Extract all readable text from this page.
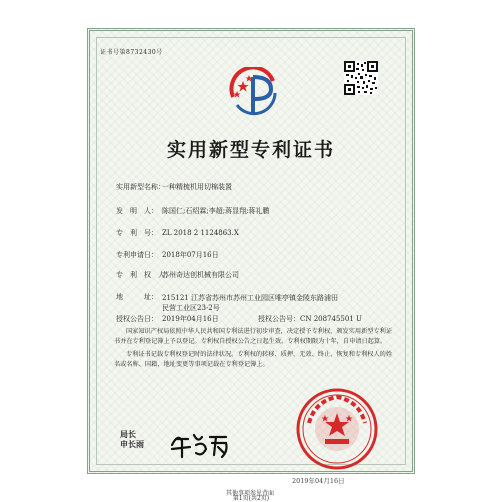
证书号第8732430号
实用新型专利证书
实用新型名称：一种精梳机用切棉装置
发　明　人： 陈国仁;石绍霖;李超;蒋显翔;蒋礼鹏
专　利　号： ZL 2018 2 1124863.X
专利申请日： 2018年07月16日
专　利　权　人：苏州奇达创机械有限公司
地　　　址： 215121 江苏省苏州市苏州工业园区唯亭镇金陵东路浦田
民营工业区23-2号
授权公告日： 2019年04月16日	授权公告号：CN 208745501 U

国家知识产权局依照中华人民共和国专利法进行初步审查，决定授予专利权，颁发实用新型专利证书并在专利登记簿上予以登记。专利权自授权公告之日起生效。专利权期限为十年，自申请日起算。

专利证书记载专利权登记时的法律状况。专利权的转移、质押、无效、终止、恢复和专利权人的姓名或名称、国籍、地址变更等事项记载在专利登记簿上。

局长
申长雨
2019年04月16日
第1页(共2页)
其他事项参见背面
